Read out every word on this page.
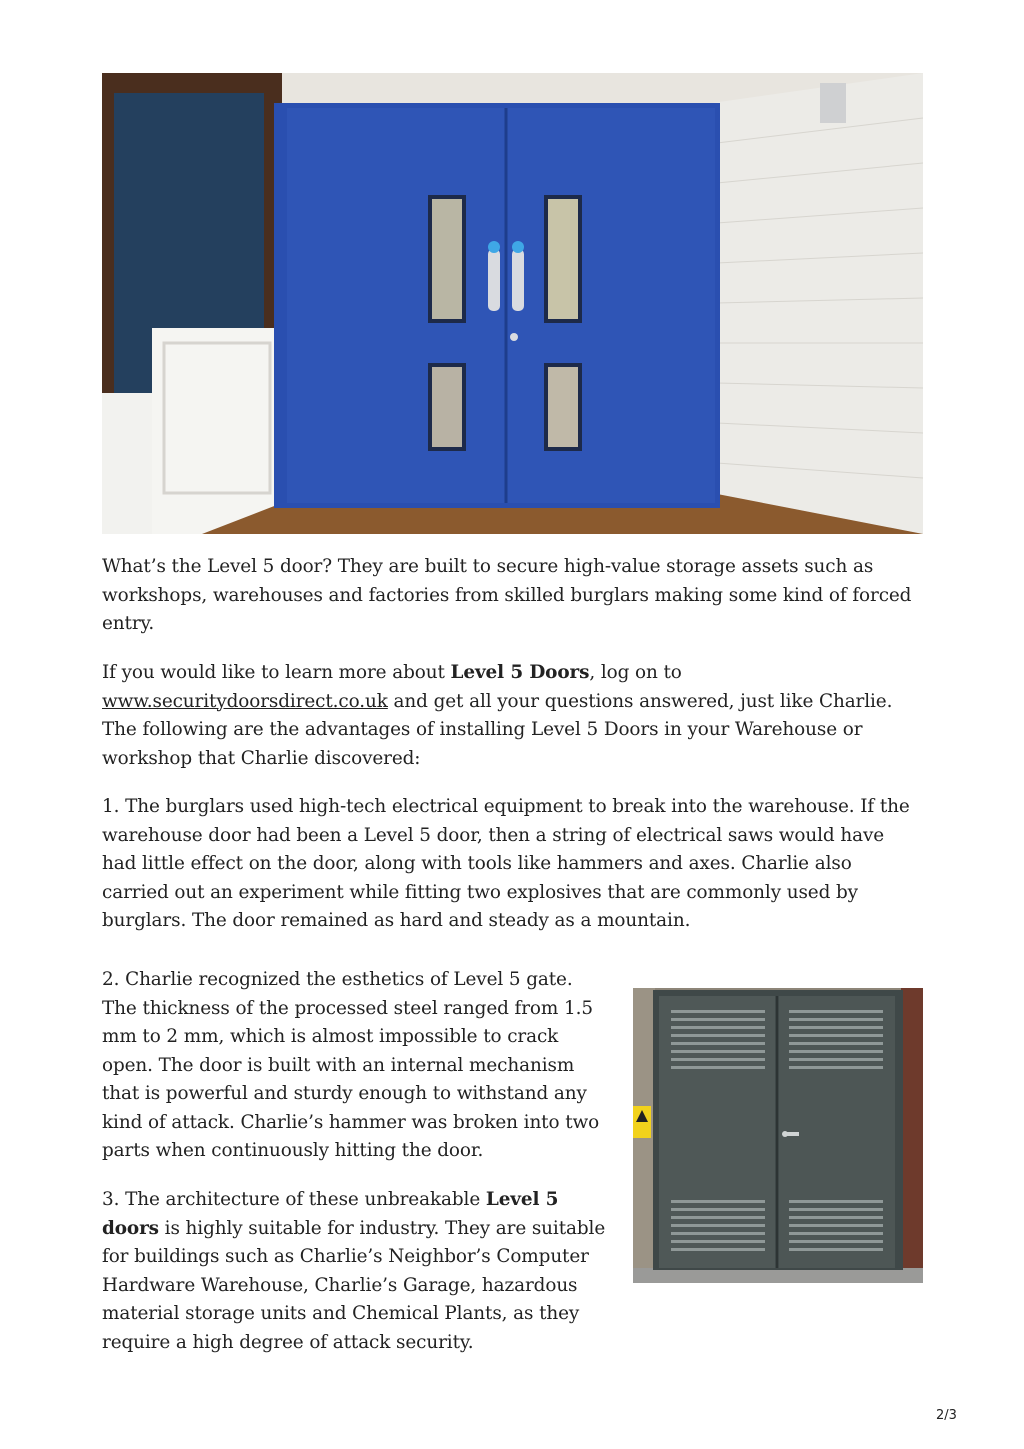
What’s the Level 5 door? They are built to secure high-value storage assets such as workshops, warehouses and factories from skilled burglars making some kind of forced entry.

If you would like to learn more about Level 5 Doors, log on to www.securitydoorsdirect.co.uk and get all your questions answered, just like Charlie. The following are the advantages of installing Level 5 Doors in your Warehouse or workshop that Charlie discovered:

1. The burglars used high-tech electrical equipment to break into the warehouse. If the warehouse door had been a Level 5 door, then a string of electrical saws would have had little effect on the door, along with tools like hammers and axes. Charlie also carried out an experiment while fitting two explosives that are commonly used by burglars. The door remained as hard and steady as a mountain.

2. Charlie recognized the esthetics of Level 5 gate. The thickness of the processed steel ranged from 1.5 mm to 2 mm, which is almost impossible to crack open. The door is built with an internal mechanism that is powerful and sturdy enough to withstand any kind of attack. Charlie’s hammer was broken into two parts when continuously hitting the door.

3. The architecture of these unbreakable Level 5 doors is highly suitable for industry. They are suitable for buildings such as Charlie’s Neighbor’s Computer Hardware Warehouse, Charlie’s Garage, hazardous material storage units and Chemical Plants, as they require a high degree of attack security.

2/3
